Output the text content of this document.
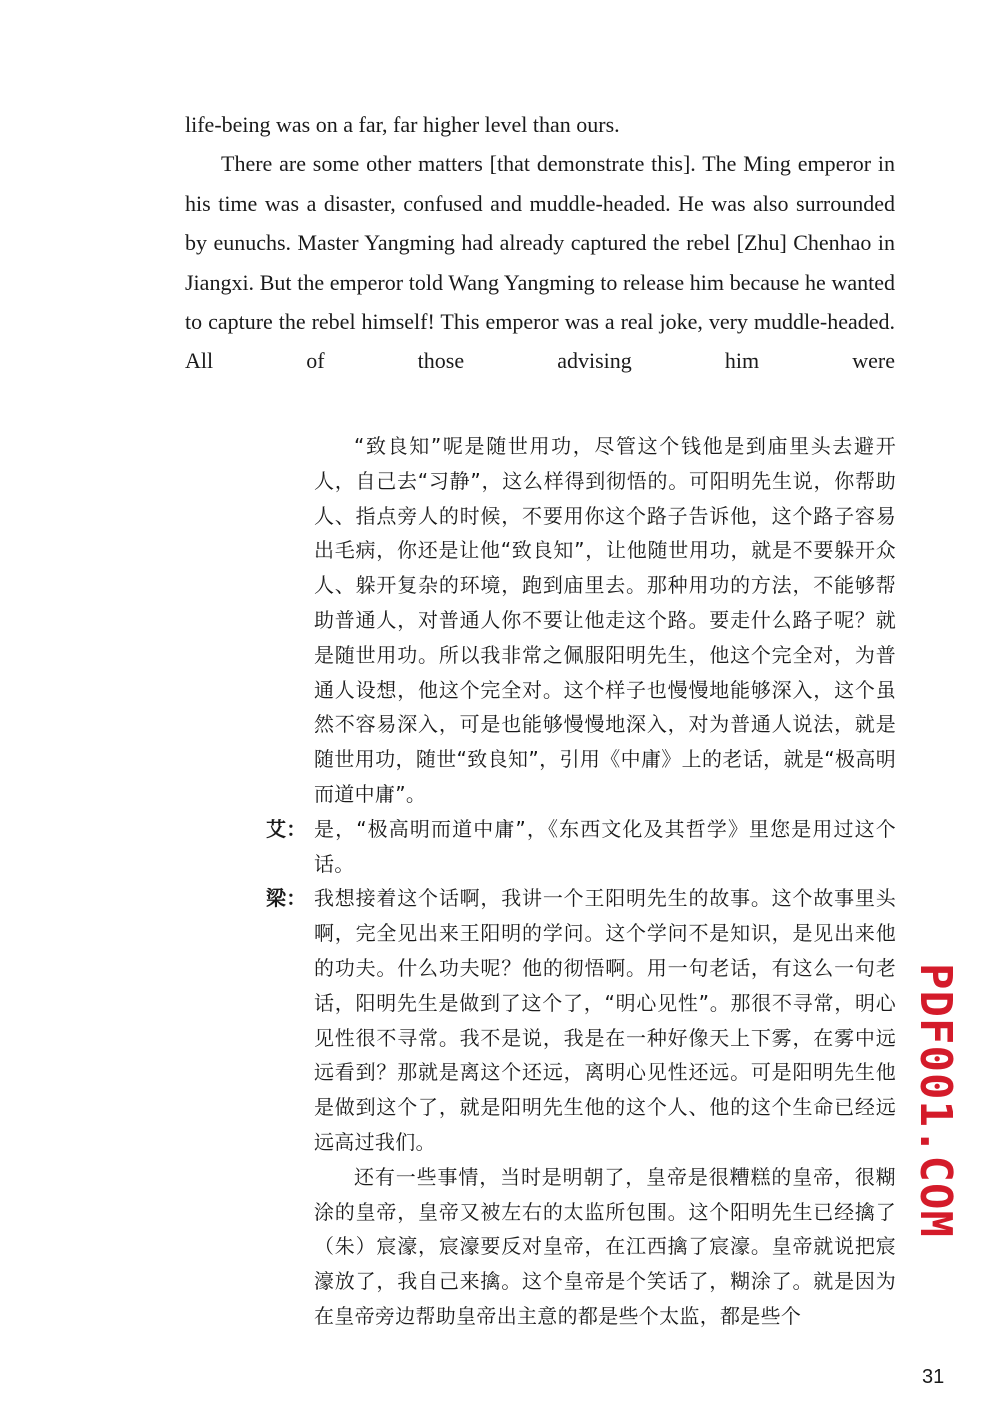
life-being was on a far, far higher level than ours.

There are some other matters [that demonstrate this]. The Ming emperor in his time was a disaster, confused and muddle-headed. He was also surrounded by eunuchs. Master Yangming had already captured the rebel [Zhu] Chenhao in Jiangxi. But the emperor told Wang Yangming to release him because he wanted to capture the rebel himself! This emperor was a real joke, very muddle-headed. All of those advising him were

“致良知”呢是随世用功，尽管这个钱他是到庙里头去避开人，自己去“习静”，这么样得到彻悟的。可阳明先生说，你帮助人、指点旁人的时候，不要用你这个路子告诉他，这个路子容易出毛病，你还是让他“致良知”，让他随世用功，就是不要躲开众人、躲开复杂的环境，跑到庙里去。那种用功的方法，不能够帮助普通人，对普通人你不要让他走这个路。要走什么路子呢？就是随世用功。所以我非常之佩服阳明先生，他这个完全对，为普通人设想，他这个完全对。这个样子也慢慢地能够深入，这个虽然不容易深入，可是也能够慢慢地深入，对为普通人说法，就是随世用功，随世“致良知”，引用《中庸》上的老话，就是“极高明而道中庸”。

艾： 是，“极高明而道中庸”，《东西文化及其哲学》里您是用过这个话。

梁： 我想接着这个话啊，我讲一个王阳明先生的故事。这个故事里头啊，完全见出来王阳明的学问。这个学问不是知识，是见出来他的功夫。什么功夫呢？他的彻悟啊。用一句老话，有这么一句老话，阳明先生是做到了这个了，“明心见性”。那很不寻常，明心见性很不寻常。我不是说，我是在一种好像天上下雾，在雾中远远看到？那就是离这个还远，离明心见性还远。可是阳明先生他是做到这个了，就是阳明先生他的这个人、他的这个生命已经远远高过我们。

还有一些事情，当时是明朝了，皇帝是很糟糕的皇帝，很糊涂的皇帝，皇帝又被左右的太监所包围。这个阳明先生已经擒了（朱）宸濠，宸濠要反对皇帝，在江西擒了宸濠。皇帝就说把宸濠放了，我自己来擒。这个皇帝是个笑话了，糊涂了。就是因为在皇帝旁边帮助皇帝出主意的都是些个太监，都是些个

PDF001.COM
31
